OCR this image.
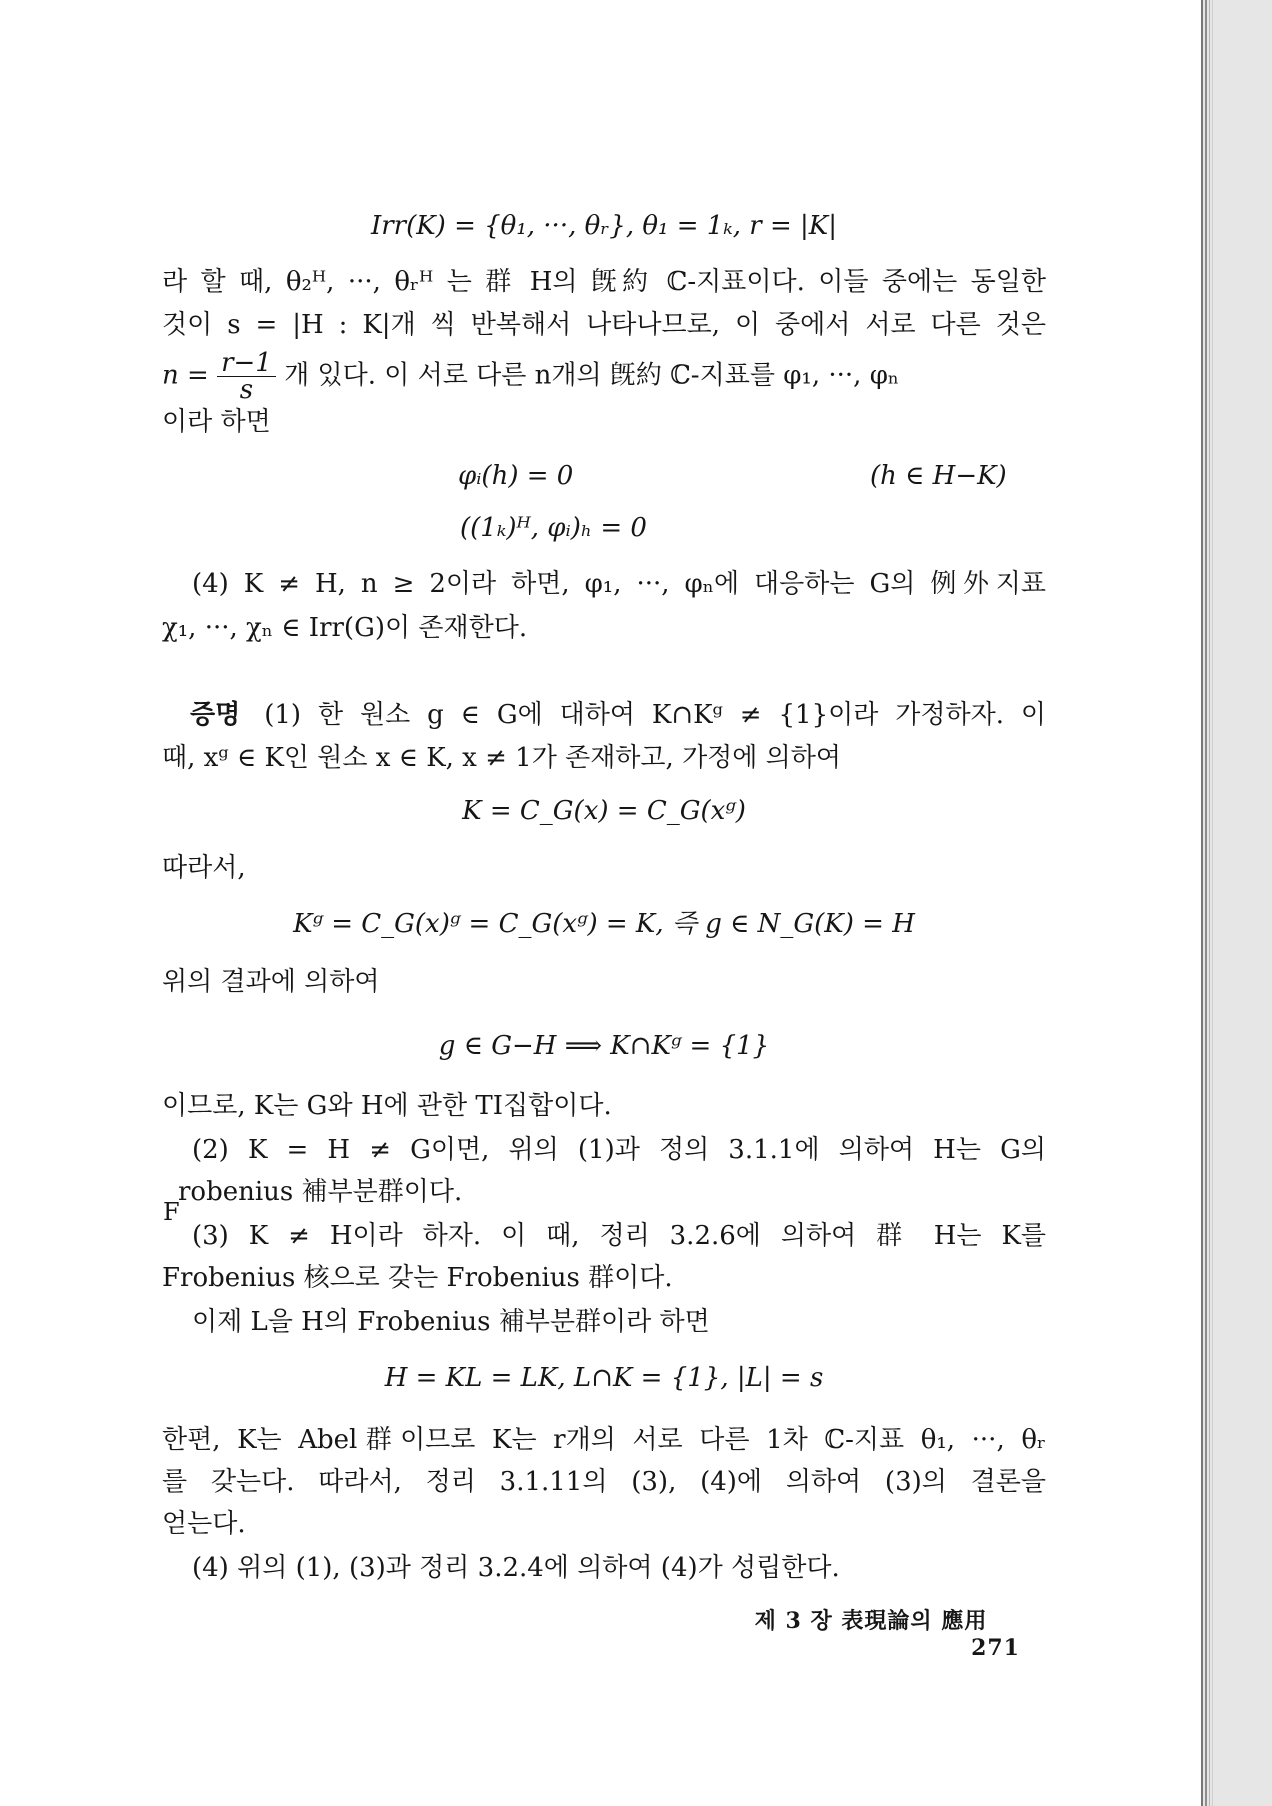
Irr(K) = {θ₁, ···, θᵣ}, θ₁ = 1ₖ, r = |K|
라 할 때, θ₂ᴴ, ···, θᵣᴴ 는 群 H의 旣約 ℂ-지표이다. 이들 중에는 동일한
것이 s = |H : K|개 씩 반복해서 나타나므로, 이 중에서 서로 다른 것은
$n = \frac{r-1}{s}$ 개 있다. 이 서로 다른 n개의 旣約 ℂ-지표를 φ₁, ···, φₙ
이라 하면
φᵢ(h) = 0	(h ∈ H−K)
((1ₖ)ᴴ, φᵢ)ₕ = 0
(4) K ≠ H, n ≥ 2이라 하면, φ₁, ···, φₙ에 대응하는 G의 例外지표
χ₁, ···, χₙ ∈ Irr(G)이 존재한다.
증명 (1) 한 원소 g ∈ G에 대하여 K∩Kᵍ ≠ {1}이라 가정하자. 이
때, xᵍ ∈ K인 원소 x ∈ K, x ≠ 1가 존재하고, 가정에 의하여
K = C_G(x) = C_G(xᵍ)
따라서,
Kᵍ = C_G(x)ᵍ = C_G(xᵍ) = K, 즉 g ∈ N_G(K) = H
위의 결과에 의하여
g ∈ G−H ⟹ K∩Kᵍ = {1}
이므로, K는 G와 H에 관한 TI집합이다.
(2) K = H ≠ G이면, 위의 (1)과 정의 3.1.1에 의하여 H는 G의
F
robenius 補부분群이다.
(3) K ≠ H이라 하자. 이 때, 정리 3.2.6에 의하여 群 H는 K를
Frobenius 核으로 갖는 Frobenius 群이다.
이제 L을 H의 Frobenius 補부분群이라 하면
H = KL = LK, L∩K = {1}, |L| = s
한편, K는 Abel群이므로 K는 r개의 서로 다른 1차 ℂ-지표 θ₁, ···, θᵣ
를 갖는다. 따라서, 정리 3.1.11의 (3), (4)에 의하여 (3)의 결론을
얻는다.
(4) 위의 (1), (3)과 정리 3.2.4에 의하여 (4)가 성립한다.
제 3 장 表現論의 應用  271
